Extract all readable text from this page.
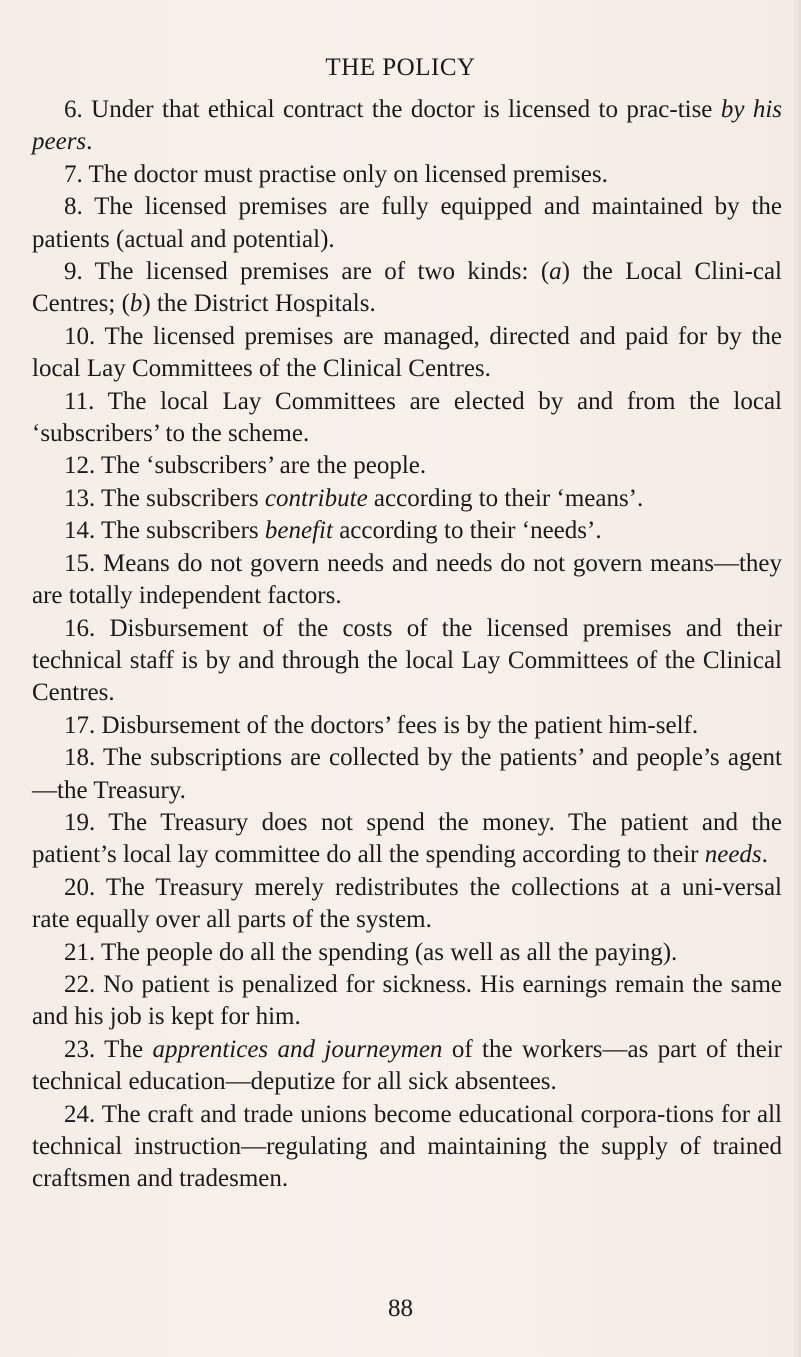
THE POLICY

6. Under that ethical contract the doctor is licensed to prac-tise by his peers.

7. The doctor must practise only on licensed premises.

8. The licensed premises are fully equipped and maintained by the patients (actual and potential).

9. The licensed premises are of two kinds: (a) the Local Clini-cal Centres; (b) the District Hospitals.

10. The licensed premises are managed, directed and paid for by the local Lay Committees of the Clinical Centres.

11. The local Lay Committees are elected by and from the local ‘subscribers’ to the scheme.

12. The ‘subscribers’ are the people.

13. The subscribers contribute according to their ‘means’.

14. The subscribers benefit according to their ‘needs’.

15. Means do not govern needs and needs do not govern means—they are totally independent factors.

16. Disbursement of the costs of the licensed premises and their technical staff is by and through the local Lay Committees of the Clinical Centres.

17. Disbursement of the doctors’ fees is by the patient him-self.

18. The subscriptions are collected by the patients’ and people’s agent—the Treasury.

19. The Treasury does not spend the money. The patient and the patient’s local lay committee do all the spending according to their needs.

20. The Treasury merely redistributes the collections at a uni-versal rate equally over all parts of the system.

21. The people do all the spending (as well as all the paying).

22. No patient is penalized for sickness. His earnings remain the same and his job is kept for him.

23. The apprentices and journeymen of the workers—as part of their technical education—deputize for all sick absentees.

24. The craft and trade unions become educational corpora-tions for all technical instruction—regulating and maintaining the supply of trained craftsmen and tradesmen.

88
